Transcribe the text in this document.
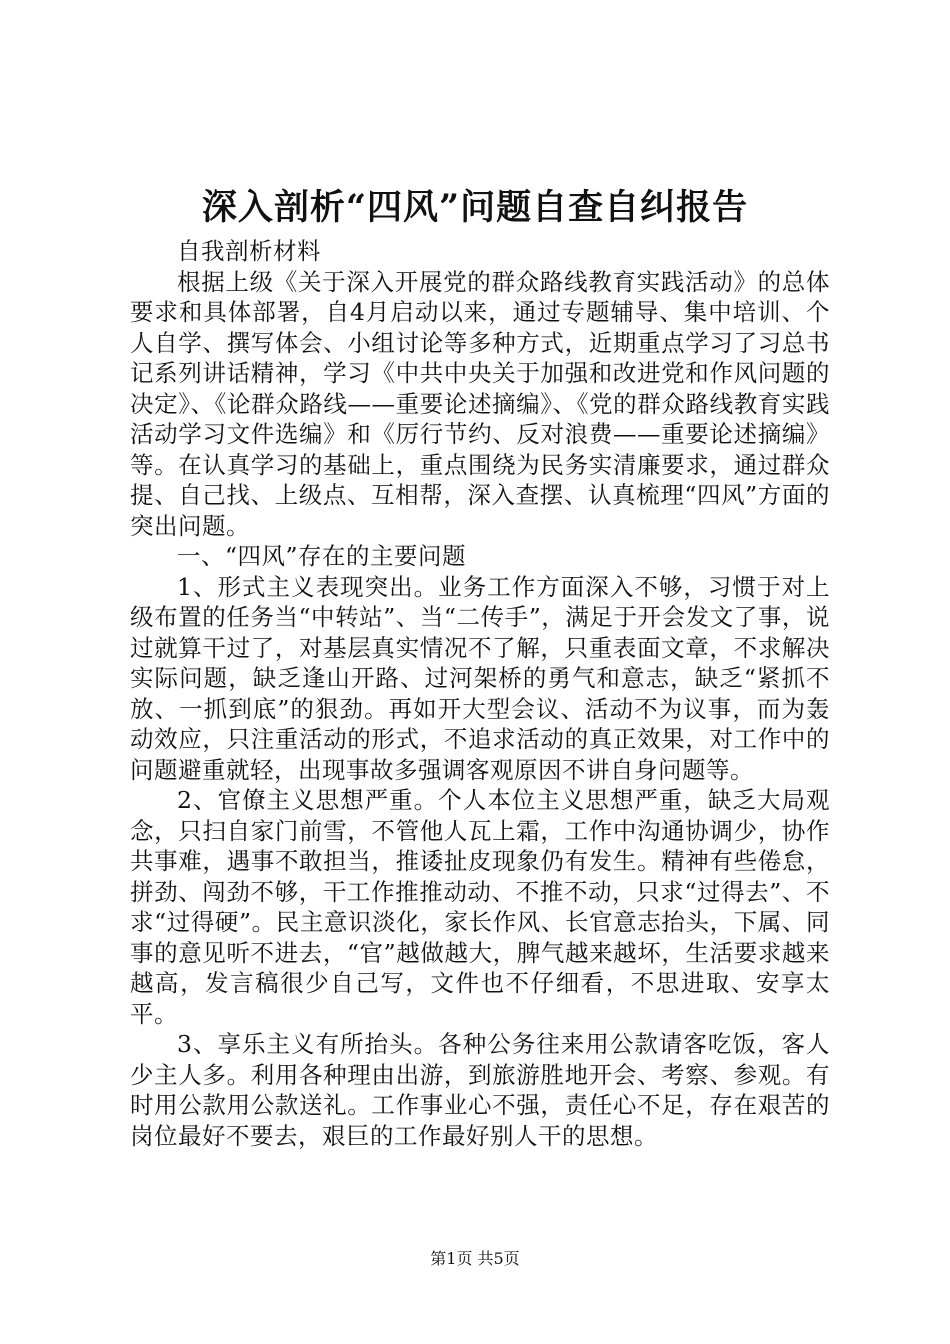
深入剖析“四风”问题自查自纠报告

自我剖析材料

根据上级《关于深入开展党的群众路线教育实践活动》的总体要求和具体部署，自4月启动以来，通过专题辅导、集中培训、个人自学、撰写体会、小组讨论等多种方式，近期重点学习了习总书记系列讲话精神，学习《中共中央关于加强和改进党和作风问题的决定》、《论群众路线——重要论述摘编》、《党的群众路线教育实践活动学习文件选编》和《厉行节约、反对浪费——重要论述摘编》等。在认真学习的基础上，重点围绕为民务实清廉要求，通过群众提、自己找、上级点、互相帮，深入查摆、认真梳理“四风”方面的突出问题。

一、“四风”存在的主要问题

1、形式主义表现突出。业务工作方面深入不够，习惯于对上级布置的任务当“中转站”、当“二传手”，满足于开会发文了事，说过就算干过了，对基层真实情况不了解，只重表面文章，不求解决实际问题，缺乏逢山开路、过河架桥的勇气和意志，缺乏“紧抓不放、一抓到底”的狠劲。再如开大型会议、活动不为议事，而为轰动效应，只注重活动的形式，不追求活动的真正效果，对工作中的问题避重就轻，出现事故多强调客观原因不讲自身问题等。

2、官僚主义思想严重。个人本位主义思想严重，缺乏大局观念，只扫自家门前雪，不管他人瓦上霜，工作中沟通协调少，协作共事难，遇事不敢担当，推诿扯皮现象仍有发生。精神有些倦怠，拼劲、闯劲不够，干工作推推动动、不推不动，只求“过得去”、不求“过得硬”。民主意识淡化，家长作风、长官意志抬头，下属、同事的意见听不进去，“官”越做越大，脾气越来越坏，生活要求越来越高，发言稿很少自己写，文件也不仔细看，不思进取、安享太平。

3、享乐主义有所抬头。各种公务往来用公款请客吃饭，客人少主人多。利用各种理由出游，到旅游胜地开会、考察、参观。有时用公款用公款送礼。工作事业心不强，责任心不足，存在艰苦的岗位最好不要去，艰巨的工作最好别人干的思想。

第1页 共5页
